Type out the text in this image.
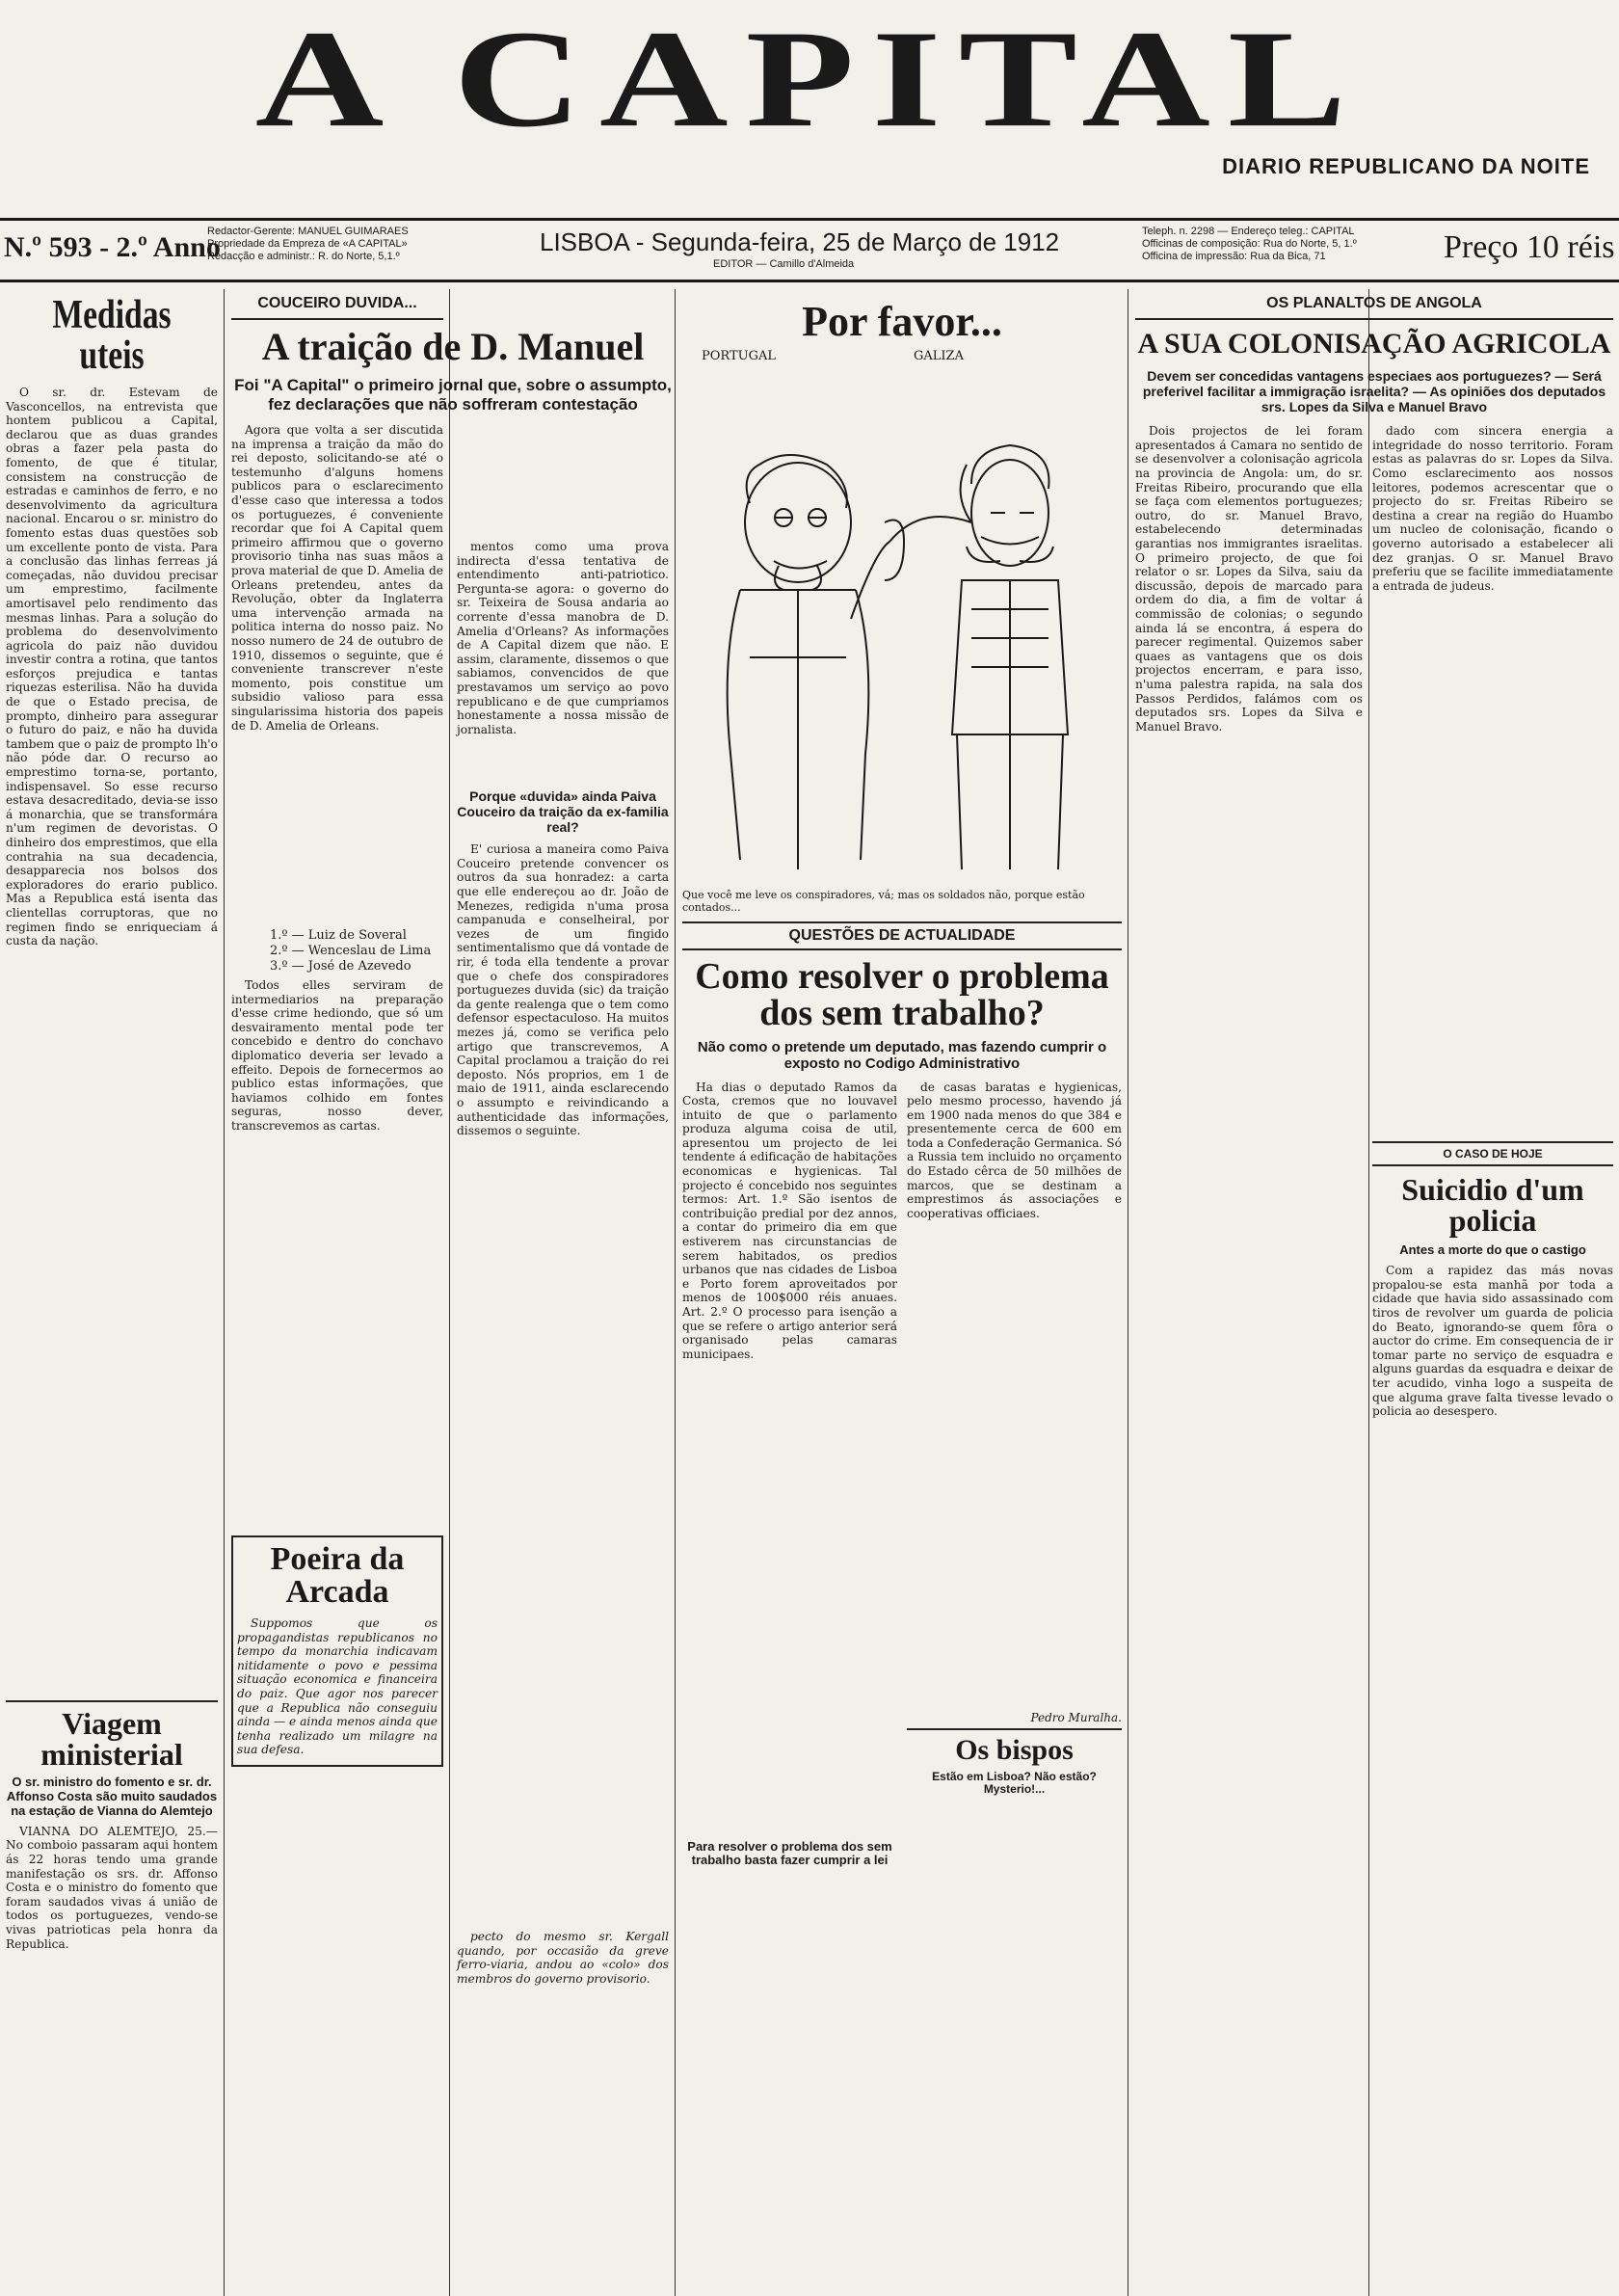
A CAPITAL
DIARIO REPUBLICANO DA NOITE
N.º 593 - 2.º Anno
Redactor-Gerente: MANUEL GUIMARAES
Propriedade da Empreza de «A CAPITAL»
Redacção e administr.: R. do Norte, 5,1.º	LISBOA - Segunda-feira, 25 de Março de 1912
EDITOR — Camillo d'Almeida
Teleph. n. 2298 — Endereço teleg.: CAPITAL
Officinas de composição: Rua do Norte, 5, 1.º
Officina de impressão: Rua da Bica, 71	Preço 10 réis
Medidas uteis

O sr. dr. Estevam de Vasconcellos, na entrevista que hontem publicou a Capital, declarou que as duas grandes obras a fazer pela pasta do fomento, de que é titular, consistem na construcção de estradas e caminhos de ferro, e no desenvolvimento da agricultura nacional. Encarou o sr. ministro do fomento estas duas questões sob um excellente ponto de vista. Para a conclusão das linhas ferreas já começadas, não duvidou precisar um emprestimo, facilmente amortisavel pelo rendimento das mesmas linhas. Para a solução do problema do desenvolvimento agricola do paiz não duvidou investir contra a rotina, que tantos esforços prejudica e tantas riquezas esterilisa. Não ha duvida de que o Estado precisa, de prompto, dinheiro para assegurar o futuro do paiz, e não ha duvida tambem que o paiz de prompto lh'o não póde dar. O recurso ao emprestimo torna-se, portanto, indispensavel. So esse recurso estava desacreditado, devia-se isso á monarchia, que se transformára n'um regimen de devoristas. O dinheiro dos emprestimos, que ella contrahia na sua decadencia, desapparecia nos bolsos dos exploradores do erario publico. Mas a Republica está isenta das clientellas corruptoras, que no regimen findo se enriqueciam á custa da nação.

Viagem ministerial
O sr. ministro do fomento e sr. dr. Affonso Costa são muito saudados na estação de Vianna do Alemtejo

VIANNA DO ALEMTEJO, 25.— No comboio passaram aqui hontem ás 22 horas tendo uma grande manifestação os srs. dr. Affonso Costa e o ministro do fomento que foram saudados vivas á união de todos os portuguezes, vendo-se vivas patrioticas pela honra da Republica.

COUCEIRO DUVIDA...
A traição de D. Manuel
Foi "A Capital" o primeiro jornal que, sobre o assumpto, fez declarações que não soffreram contestação

Agora que volta a ser discutida na imprensa a traição da mão do rei deposto, solicitando-se até o testemunho d'alguns homens publicos para o esclarecimento d'esse caso que interessa a todos os portuguezes, é conveniente recordar que foi A Capital quem primeiro affirmou que o governo provisorio tinha nas suas mãos a prova material de que D. Amelia de Orleans pretendeu, antes da Revolução, obter da Inglaterra uma intervenção armada na politica interna do nosso paiz. No nosso numero de 24 de outubro de 1910, dissemos o seguinte, que é conveniente transcrever n'este momento, pois constitue um subsidio valioso para essa singularissima historia dos papeis de D. Amelia de Orleans.

1.º — Luiz de Soveral
2.º — Wenceslau de Lima
3.º — José de Azevedo

Todos elles serviram de intermediarios na preparação d'esse crime hediondo, que só um desvairamento mental pode ter concebido e dentro do conchavo diplomatico deveria ser levado a effeito. Depois de fornecermos ao publico estas informações, que haviamos colhido em fontes seguras, nosso dever, transcrevemos as cartas.

Poeira da Arcada

Suppomos que os propagandistas republicanos no tempo da monarchia indicavam nitidamente o povo e pessima situação economica e financeira do paiz. Que agor nos parecer que a Republica não conseguiu ainda — e ainda menos ainda que tenha realizado um milagre na sua defesa.

mentos como uma prova indirecta d'essa tentativa de entendimento anti-patriotico. Pergunta-se agora: o governo do sr. Teixeira de Sousa andaria ao corrente d'essa manobra de D. Amelia d'Orleans? As informações de A Capital dizem que não. E assim, claramente, dissemos o que sabiamos, convencidos de que prestavamos um serviço ao povo republicano e de que cumpriamos honestamente a nossa missão de jornalista.

Porque «duvida» ainda Paiva Couceiro da traição da ex-familia real?

E' curiosa a maneira como Paiva Couceiro pretende convencer os outros da sua honradez: a carta que elle endereçou ao dr. João de Menezes, redigida n'uma prosa campanuda e conselheiral, por vezes de um fingido sentimentalismo que dá vontade de rir, é toda ella tendente a provar que o chefe dos conspiradores portuguezes duvida (sic) da traição da gente realenga que o tem como defensor espectaculoso. Ha muitos mezes já, como se verifica pelo artigo que transcrevemos, A Capital proclamou a traição do rei deposto. Nós proprios, em 1 de maio de 1911, ainda esclarecendo o assumpto e reivindicando a authenticidade das informações, dissemos o seguinte.

pecto do mesmo sr. Kergall quando, por occasião da greve ferro-viaria, andou ao «colo» dos membros do governo provisorio.

Por favor...
PORTUGAL	GALIZA
Que você me leve os conspiradores, vá; mas os soldados não, porque estão contados...
QUESTÕES DE ACTUALIDADE
Como resolver o problema dos sem trabalho?
Não como o pretende um deputado, mas fazendo cumprir o exposto no Codigo Administrativo

Ha dias o deputado Ramos da Costa, cremos que no louvavel intuito de que o parlamento produza alguma coisa de util, apresentou um projecto de lei tendente á edificação de habitações economicas e hygienicas. Tal projecto é concebido nos seguintes termos: Art. 1.º São isentos de contribuição predial por dez annos, a contar do primeiro dia em que estiverem nas circunstancias de serem habitados, os predios urbanos que nas cidades de Lisboa e Porto forem aproveitados por menos de 100$000 réis anuaes. Art. 2.º O processo para isenção a que se refere o artigo anterior será organisado pelas camaras municipaes.

Para resolver o problema dos sem trabalho basta fazer cumprir a lei

de casas baratas e hygienicas, pelo mesmo processo, havendo já em 1900 nada menos do que 384 e presentemente cerca de 600 em toda a Confederação Germanica. Só a Russia tem incluido no orçamento do Estado cêrca de 50 milhões de marcos, que se destinam a emprestimos ás associações e cooperativas officiaes.

Pedro Muralha.
Os bispos
Estão em Lisboa? Não estão? Mysterio!...
OS PLANALTOS DE ANGOLA
A SUA COLONISAÇÃO AGRICOLA
Devem ser concedidas vantagens especiaes aos portuguezes? — Será preferivel facilitar a immigração israelita? — As opiniões dos deputados srs. Lopes da Silva e Manuel Bravo

Dois projectos de lei foram apresentados á Camara no sentido de se desenvolver a colonisação agricola na provincia de Angola: um, do sr. Freitas Ribeiro, procurando que ella se faça com elementos portuguezes; outro, do sr. Manuel Bravo, estabelecendo determinadas garantias nos immigrantes israelitas. O primeiro projecto, de que foi relator o sr. Lopes da Silva, saiu da discussão, depois de marcado para ordem do dia, a fim de voltar á commissão de colonias; o segundo ainda lá se encontra, á espera do parecer regimental. Quizemos saber quaes as vantagens que os dois projectos encerram, e para isso, n'uma palestra rapida, na sala dos Passos Perdidos, falámos com os deputados srs. Lopes da Silva e Manuel Bravo.

dado com sincera energia a integridade do nosso territorio. Foram estas as palavras do sr. Lopes da Silva. Como esclarecimento aos nossos leitores, podemos acrescentar que o projecto do sr. Freitas Ribeiro se destina a crear na região do Huambo um nucleo de colonisação, ficando o governo autorisado a estabelecer ali dez granjas. O sr. Manuel Bravo preferiu que se facilite immediatamente a entrada de judeus.

O CASO DE HOJE
Suicidio d'um policia
Antes a morte do que o castigo

Com a rapidez das más novas propalou-se esta manhã por toda a cidade que havia sido assassinado com tiros de revolver um guarda de policia do Beato, ignorando-se quem fôra o auctor do crime. Em consequencia de ir tomar parte no serviço de esquadra e alguns guardas da esquadra e deixar de ter acudido, vinha logo a suspeita de que alguma grave falta tivesse levado o policia ao desespero.
